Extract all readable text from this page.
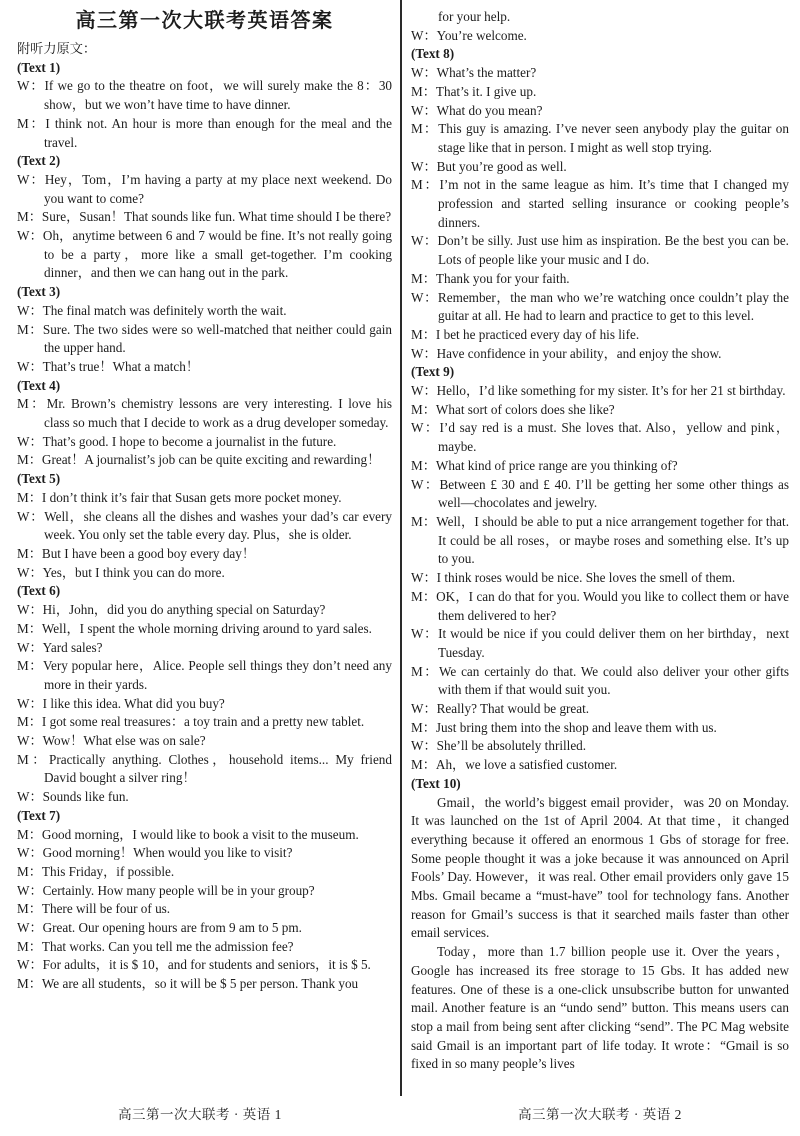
高三第一次大联考英语答案
附听力原文：
(Text 1)
W：If we go to the theatre on foot，we will surely make the 8：30 show，but we won’t have time to have dinner.
M：I think not. An hour is more than enough for the meal and the travel.
(Text 2)
W：Hey，Tom，I’m having a party at my place next weekend. Do you want to come?
M：Sure，Susan！That sounds like fun. What time should I be there?
W：Oh，anytime between 6 and 7 would be fine. It’s not really going to be a party，more like a small get-together. I’m cooking dinner，and then we can hang out in the park.
(Text 3)
W：The final match was definitely worth the wait.
M：Sure. The two sides were so well-matched that neither could gain the upper hand.
W：That’s true！What a match！
(Text 4)
M：Mr. Brown’s chemistry lessons are very interesting. I love his class so much that I decide to work as a drug developer someday.
W：That’s good. I hope to become a journalist in the future.
M：Great！A journalist’s job can be quite exciting and rewarding！
(Text 5)
M：I don’t think it’s fair that Susan gets more pocket money.
W：Well，she cleans all the dishes and washes your dad’s car every week. You only set the table every day. Plus，she is older.
M：But I have been a good boy every day！
W：Yes，but I think you can do more.
(Text 6)
W：Hi，John，did you do anything special on Saturday?
M：Well，I spent the whole morning driving around to yard sales.
W：Yard sales?
M：Very popular here，Alice. People sell things they don’t need any more in their yards.
W：I like this idea. What did you buy?
M：I got some real treasures：a toy train and a pretty new tablet.
W：Wow！What else was on sale?
M：Practically anything. Clothes，household items... My friend David bought a silver ring！
W：Sounds like fun.
(Text 7)
M：Good morning，I would like to book a visit to the museum.
W：Good morning！When would you like to visit?
M：This Friday，if possible.
W：Certainly. How many people will be in your group?
M：There will be four of us.
W：Great. Our opening hours are from 9 am to 5 pm.
M：That works. Can you tell me the admission fee?
W：For adults，it is $ 10，and for students and seniors，it is $ 5.
M：We are all students，so it will be $ 5 per person. Thank you
for your help.
W：You’re welcome.
(Text 8)
W：What’s the matter?
M：That’s it. I give up.
W：What do you mean?
M：This guy is amazing. I’ve never seen anybody play the guitar on stage like that in person. I might as well stop trying.
W：But you’re good as well.
M：I’m not in the same league as him. It’s time that I changed my profession and started selling insurance or cooking people’s dinners.
W：Don’t be silly. Just use him as inspiration. Be the best you can be. Lots of people like your music and I do.
M：Thank you for your faith.
W：Remember，the man who we’re watching once couldn’t play the guitar at all. He had to learn and practice to get to this level.
M：I bet he practiced every day of his life.
W：Have confidence in your ability，and enjoy the show.
(Text 9)
W：Hello，I’d like something for my sister. It’s for her 21 st birthday.
M：What sort of colors does she like?
W：I’d say red is a must. She loves that. Also，yellow and pink，maybe.
M：What kind of price range are you thinking of?
W：Between £ 30 and £ 40. I’ll be getting her some other things as well—chocolates and jewelry.
M：Well，I should be able to put a nice arrangement together for that. It could be all roses，or maybe roses and something else. It’s up to you.
W：I think roses would be nice. She loves the smell of them.
M：OK，I can do that for you. Would you like to collect them or have them delivered to her?
W：It would be nice if you could deliver them on her birthday，next Tuesday.
M：We can certainly do that. We could also deliver your other gifts with them if that would suit you.
W：Really? That would be great.
M：Just bring them into the shop and leave them with us.
W：She’ll be absolutely thrilled.
M：Ah，we love a satisfied customer.
(Text 10)

Gmail，the world’s biggest email provider，was 20 on Monday. It was launched on the 1st of April 2004. At that time，it changed everything because it offered an enormous 1 Gbs of storage for free. Some people thought it was a joke because it was announced on April Fools’ Day. However，it was real. Other email providers only gave 15 Mbs. Gmail became a “must-have” tool for technology fans. Another reason for Gmail’s success is that it searched mails faster than other email services.

Today，more than 1.7 billion people use it. Over the years，Google has increased its free storage to 15 Gbs. It has added new features. One of these is a one-click unsubscribe button for unwanted mail. Another feature is an “undo send” button. This means users can stop a mail from being sent after clicking “send”. The PC Mag website said Gmail is an important part of life today. It wrote：“Gmail is so fixed in so many people’s lives

高三第一次大联考 · 英语 1	高三第一次大联考 · 英语 2
